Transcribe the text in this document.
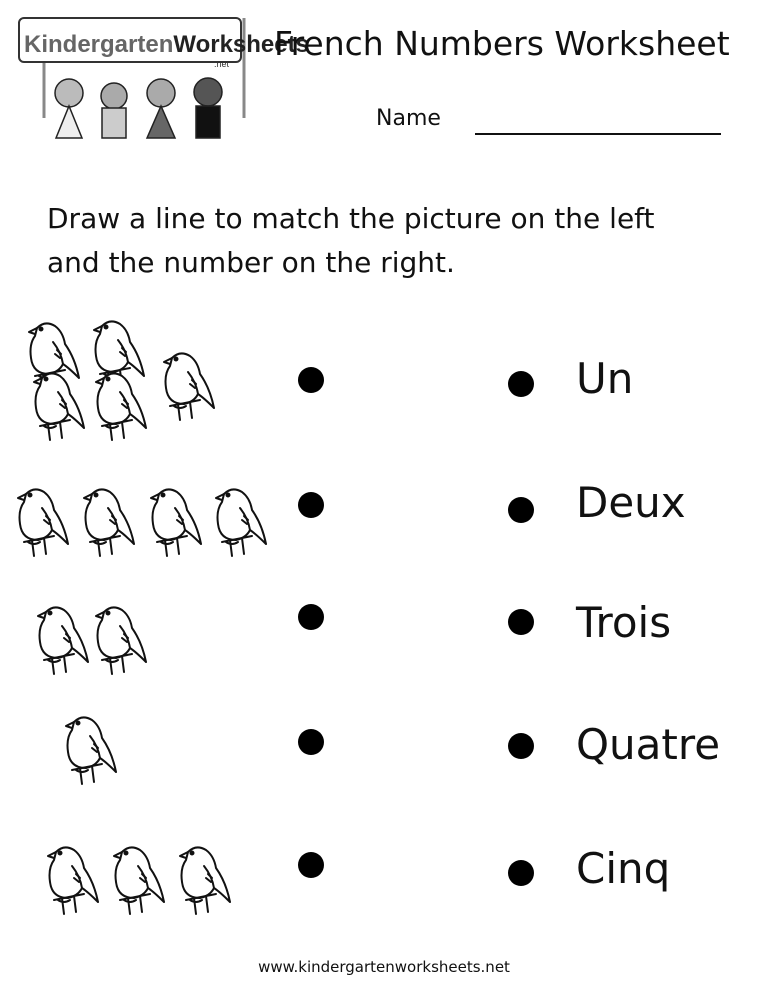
KindergartenWorksheets
.net
French Numbers Worksheet
Name
Draw a line to match the picture on the left
and the number on the right.
Un
Deux
Trois
Quatre
Cinq
www.kindergartenworksheets.net
